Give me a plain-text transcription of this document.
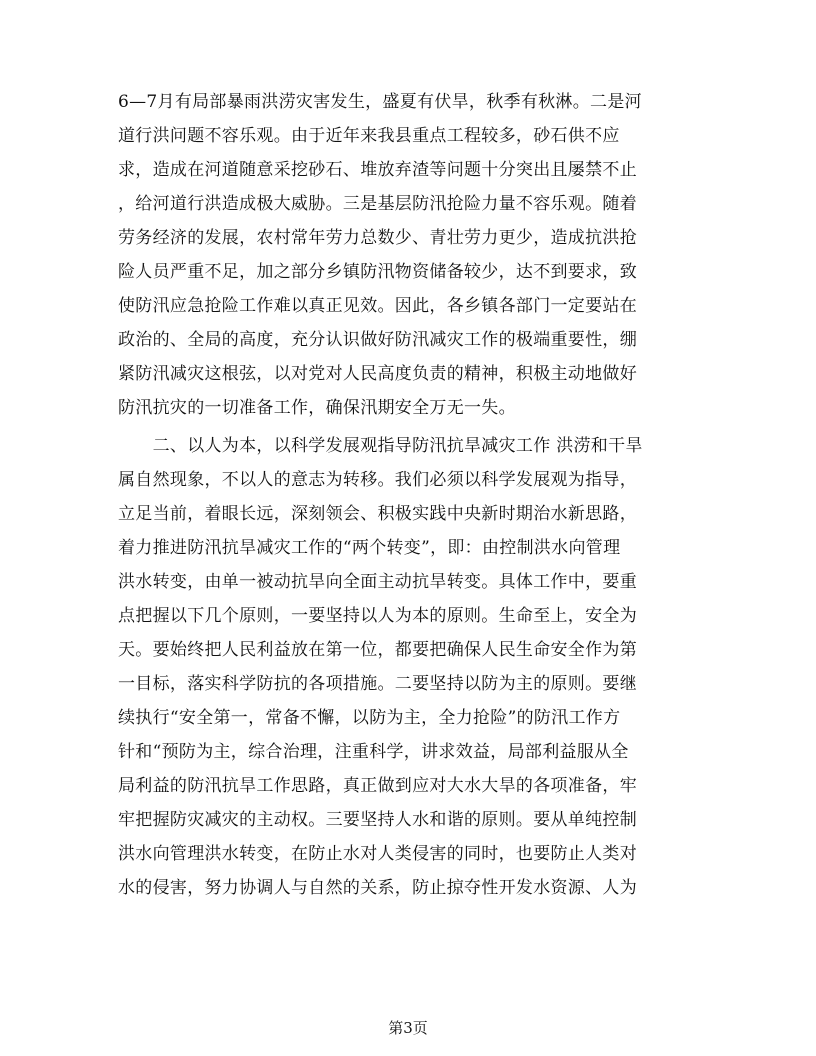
6—7月有局部暴雨洪涝灾害发生，盛夏有伏旱，秋季有秋淋。二是河
道行洪问题不容乐观。由于近年来我县重点工程较多，砂石供不应
求，造成在河道随意采挖砂石、堆放弃渣等问题十分突出且屡禁不止
，给河道行洪造成极大威胁。三是基层防汛抢险力量不容乐观。随着
劳务经济的发展，农村常年劳力总数少、青壮劳力更少，造成抗洪抢
险人员严重不足，加之部分乡镇防汛物资储备较少，达不到要求，致
使防汛应急抢险工作难以真正见效。因此，各乡镇各部门一定要站在
政治的、全局的高度，充分认识做好防汛减灾工作的极端重要性，绷
紧防汛减灾这根弦，以对党对人民高度负责的精神，积极主动地做好
防汛抗灾的一切准备工作，确保汛期安全万无一失。
　　二、以人为本，以科学发展观指导防汛抗旱减灾工作 洪涝和干旱
属自然现象，不以人的意志为转移。我们必须以科学发展观为指导，
立足当前，着眼长远，深刻领会、积极实践中央新时期治水新思路，
着力推进防汛抗旱减灾工作的“两个转变”，即：由控制洪水向管理
洪水转变，由单一被动抗旱向全面主动抗旱转变。具体工作中，要重
点把握以下几个原则，一要坚持以人为本的原则。生命至上，安全为
天。要始终把人民利益放在第一位，都要把确保人民生命安全作为第
一目标，落实科学防抗的各项措施。二要坚持以防为主的原则。要继
续执行“安全第一，常备不懈，以防为主，全力抢险”的防汛工作方
针和“预防为主，综合治理，注重科学，讲求效益，局部利益服从全
局利益的防汛抗旱工作思路，真正做到应对大水大旱的各项准备，牢
牢把握防灾减灾的主动权。三要坚持人水和谐的原则。要从单纯控制
洪水向管理洪水转变，在防止水对人类侵害的同时，也要防止人类对
水的侵害，努力协调人与自然的关系，防止掠夺性开发水资源、人为
第3页
